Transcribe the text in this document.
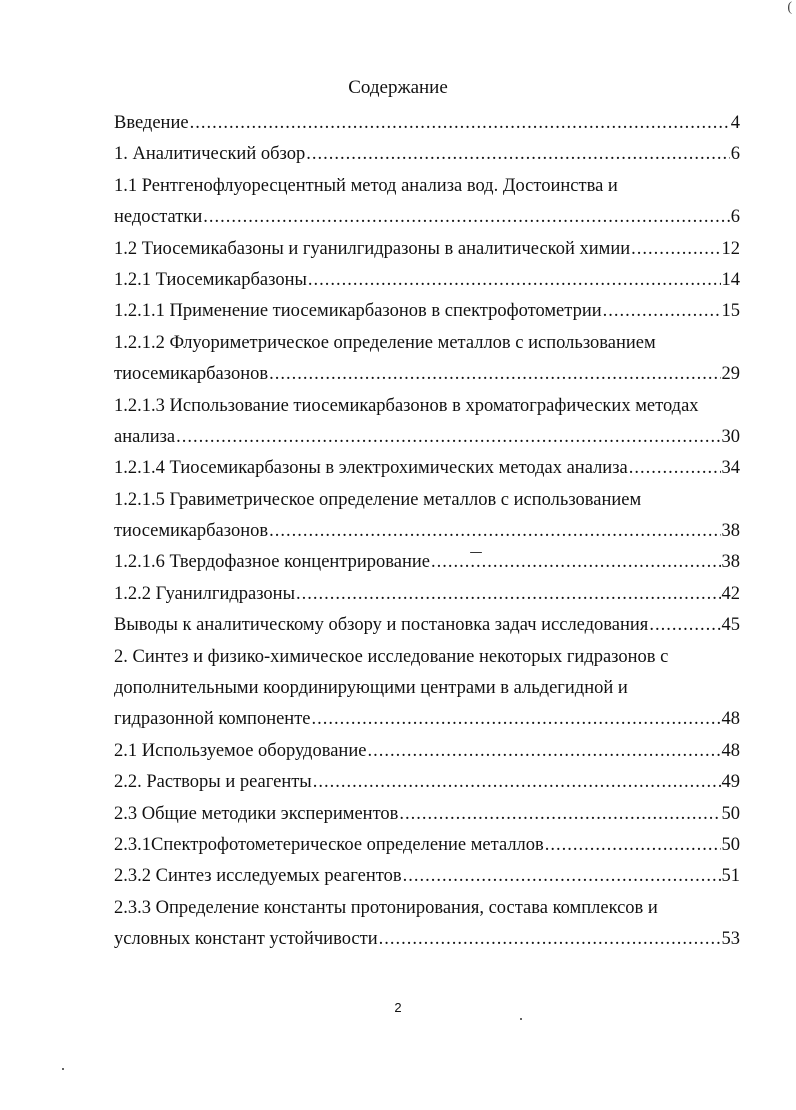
(
Содержание
Введение .....	4
1. Аналитический обзор .....	6
1.1 Рентгенофлуоресцентный метод анализа вод. Достоинства и
недостатки .....	6
1.2 Тиосемикабазоны и гуанилгидразоны в аналитической химии .....	12
1.2.1 Тиосемикарбазоны .....	14
1.2.1.1 Применение тиосемикарбазонов в спектрофотометрии .....	15
1.2.1.2 Флуориметрическое определение металлов с использованием
тиосемикарбазонов .....	29
1.2.1.3 Использование тиосемикарбазонов в хроматографических методах
анализа .....	30
1.2.1.4 Тиосемикарбазоны в электрохимических методах анализа .....	34
1.2.1.5 Гравиметрическое определение металлов с использованием
тиосемикарбазонов .....	38
1.2.1.6 Твердофазное концентрирование .....	38
1.2.2 Гуанилгидразоны .....	42
Выводы к аналитическому обзору и постановка задач исследования .....	45
2. Синтез и физико-химическое исследование некоторых гидразонов с
дополнительными координирующими центрами в альдегидной и
гидразонной компоненте .....	48
2.1 Используемое оборудование .....	48
2.2. Растворы и реагенты .....	49
2.3 Общие методики экспериментов .....	50
2.3.1Спектрофотометерическое определение металлов .....	50
2.3.2 Синтез исследуемых реагентов .....	51
2.3.3 Определение константы протонирования, состава комплексов и
условных констант устойчивости .....	53
2
